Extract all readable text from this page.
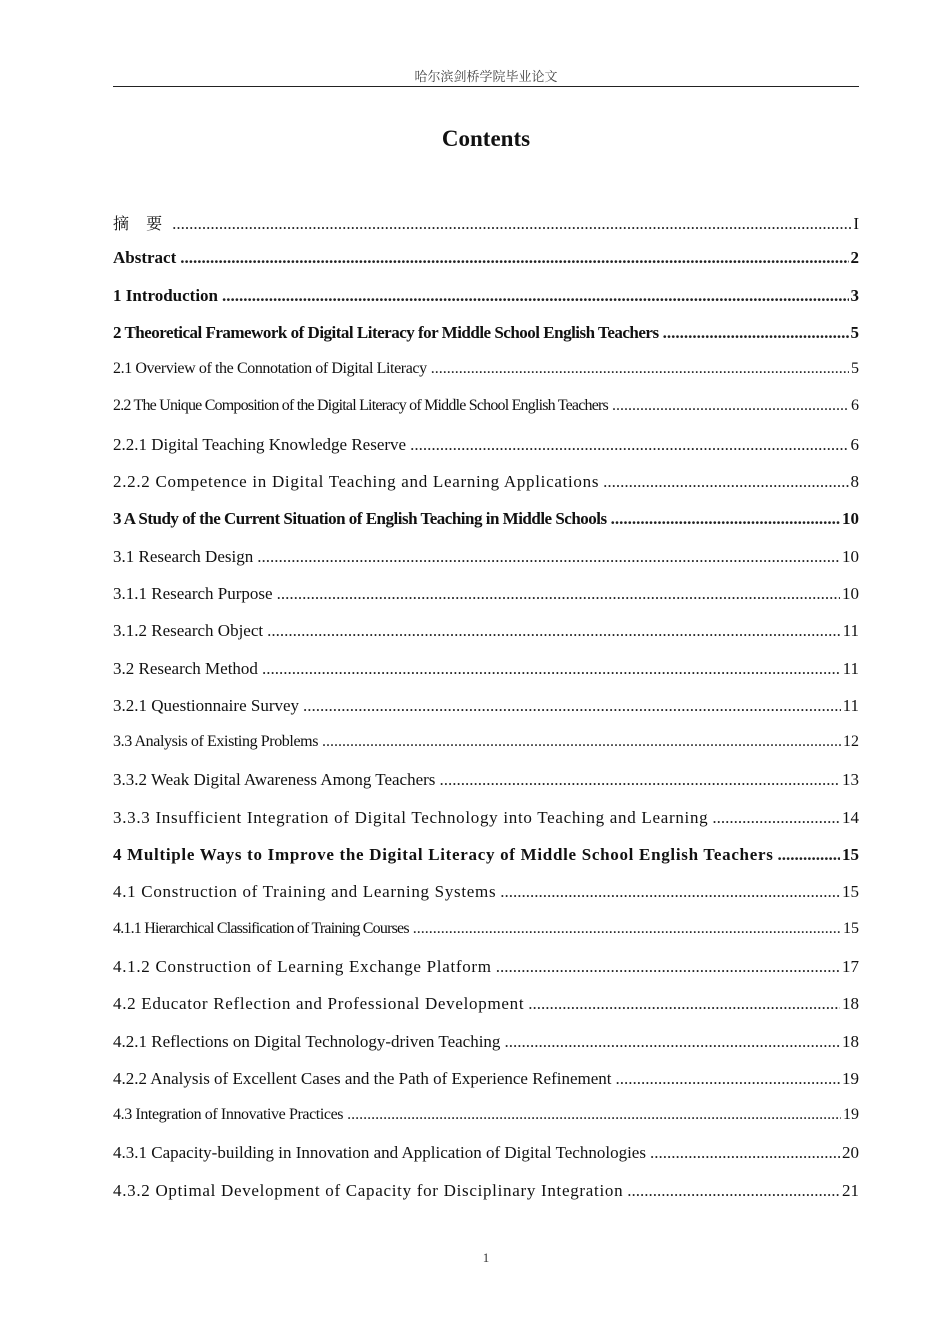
哈尔滨剑桥学院毕业论文
Contents
摘 要 .....	I
Abstract .....	2
1 Introduction .....	3
2 Theoretical Framework of Digital Literacy for Middle School English Teachers .....	5
2.1 Overview of the Connotation of Digital Literacy .....	5
2.2 The Unique Composition of the Digital Literacy of Middle School English Teachers .....	6
2.2.1 Digital Teaching Knowledge Reserve .....	6
2.2.2 Competence in Digital Teaching and Learning Applications .....	8
3 A Study of the Current Situation of English Teaching in Middle Schools .....	10
3.1 Research Design .....	10
3.1.1 Research Purpose .....	10
3.1.2 Research Object .....	11
3.2 Research Method .....	11
3.2.1 Questionnaire Survey .....	11
3.3 Analysis of Existing Problems .....	12
3.3.2 Weak Digital Awareness Among Teachers .....	13
3.3.3 Insufficient Integration of Digital Technology into Teaching and Learning .....	14
4 Multiple Ways to Improve the Digital Literacy of Middle School English Teachers .....	15
4.1 Construction of Training and Learning Systems .....	15
4.1.1 Hierarchical Classification of Training Courses .....	15
4.1.2 Construction of Learning Exchange Platform .....	17
4.2 Educator Reflection and Professional Development .....	18
4.2.1 Reflections on Digital Technology-driven Teaching .....	18
4.2.2 Analysis of Excellent Cases and the Path of Experience Refinement .....	19
4.3 Integration of Innovative Practices .....	19
4.3.1 Capacity-building in Innovation and Application of Digital Technologies .....	20
4.3.2 Optimal Development of Capacity for Disciplinary Integration .....	21
1
